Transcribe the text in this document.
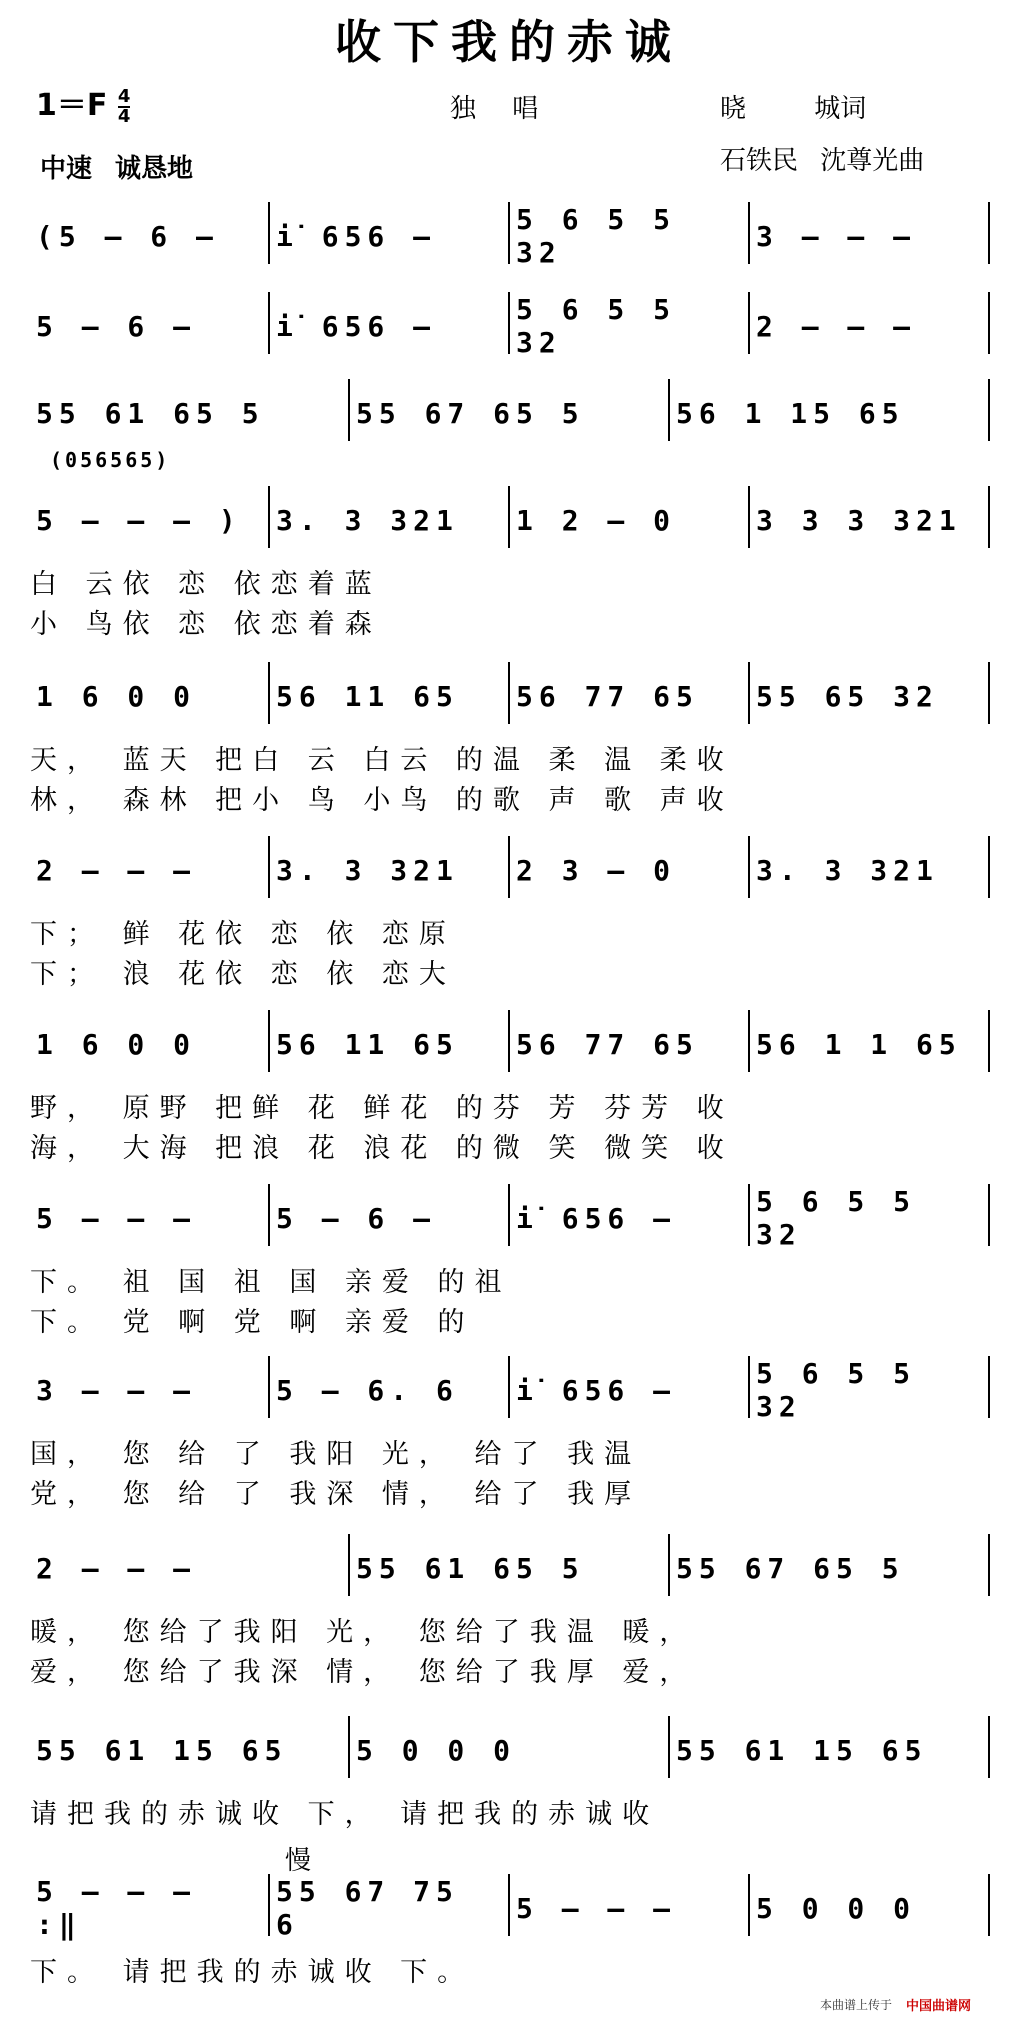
收下我的赤诚
$1=F \frac{4}{4}$	独 唱	晓 城词
中速 诚恳地	石铁民 沈尊光曲
(5 – 6 –	i̇ 656 –	5 6 5 5 32	3 – – –
5 – 6 –	i̇ 656 –	5 6 5 5 32	2 – – –
55 61 65 5	55 67 65 5	56 1 15 65
(056565)
5 – – – )	3. 3 321	1 2 – 0	3 3 3 321
白 云依 恋 依恋着蓝
小 鸟依 恋 依恋着森
1 6 0 0	56 11 65	56 77 65	55 65 32
天， 蓝天 把白 云 白云 的温 柔 温 柔收
林， 森林 把小 鸟 小鸟 的歌 声 歌 声收
2 – – –	3. 3 321	2 3 – 0	3. 3 321
下； 鲜 花依 恋 依 恋原
下； 浪 花依 恋 依 恋大
1 6 0 0	56 11 65	56 77 65	56 1 1 65
野， 原野 把鲜 花 鲜花 的芬 芳 芬芳 收
海， 大海 把浪 花 浪花 的微 笑 微笑 收
5 – – –	5 – 6 –	i̇ 656 –	5 6 5 5 32
下。 祖 国 祖 国 亲爱 的祖
下。 党 啊 党 啊 亲爱 的
3 – – –	5 – 6. 6	i̇ 656 –	5 6 5 5 32
国， 您 给 了 我阳 光， 给了 我温
党， 您 给 了 我深 情， 给了 我厚
2 – – –	55 61 65 5	55 67 65 5
暖， 您给了我阳 光， 您给了我温 暖，
爱， 您给了我深 情， 您给了我厚 爱，
55 61 15 65	5 0 0 0	55 61 15 65
请把我的赤诚收 下， 请把我的赤诚收
慢
5 – – – :‖
55 67 75 6	5 – – –	5 0 0 0
下。 请把我的赤诚收 下。
本曲谱上传于 中国曲谱网
